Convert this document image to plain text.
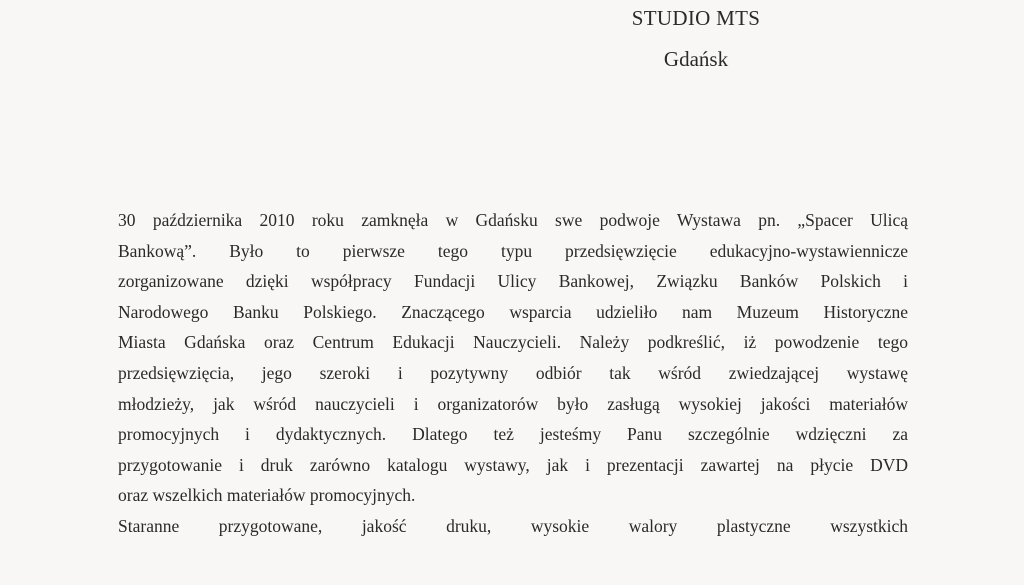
STUDIO MTS
Gdańsk
30 października 2010 roku zamknęła w Gdańsku swe podwoje Wystawa pn. „Spacer Ulicą
Bankową”. Było to pierwsze tego typu przedsięwzięcie edukacyjno-wystawiennicze
zorganizowane dzięki współpracy Fundacji Ulicy Bankowej, Związku Banków Polskich i
Narodowego Banku Polskiego. Znaczącego wsparcia udzieliło nam Muzeum Historyczne
Miasta Gdańska oraz Centrum Edukacji Nauczycieli. Należy podkreślić, iż powodzenie tego
przedsięwzięcia, jego szeroki i pozytywny odbiór tak wśród zwiedzającej wystawę
młodzieży, jak wśród nauczycieli i organizatorów było zasługą wysokiej jakości materiałów
promocyjnych i dydaktycznych. Dlatego też jesteśmy Panu szczególnie wdzięczni za
przygotowanie i druk zarówno katalogu wystawy, jak i prezentacji zawartej na płycie DVD
oraz wszelkich materiałów promocyjnych.
Staranne przygotowane, jakość druku, wysokie walory plastyczne wszystkich
